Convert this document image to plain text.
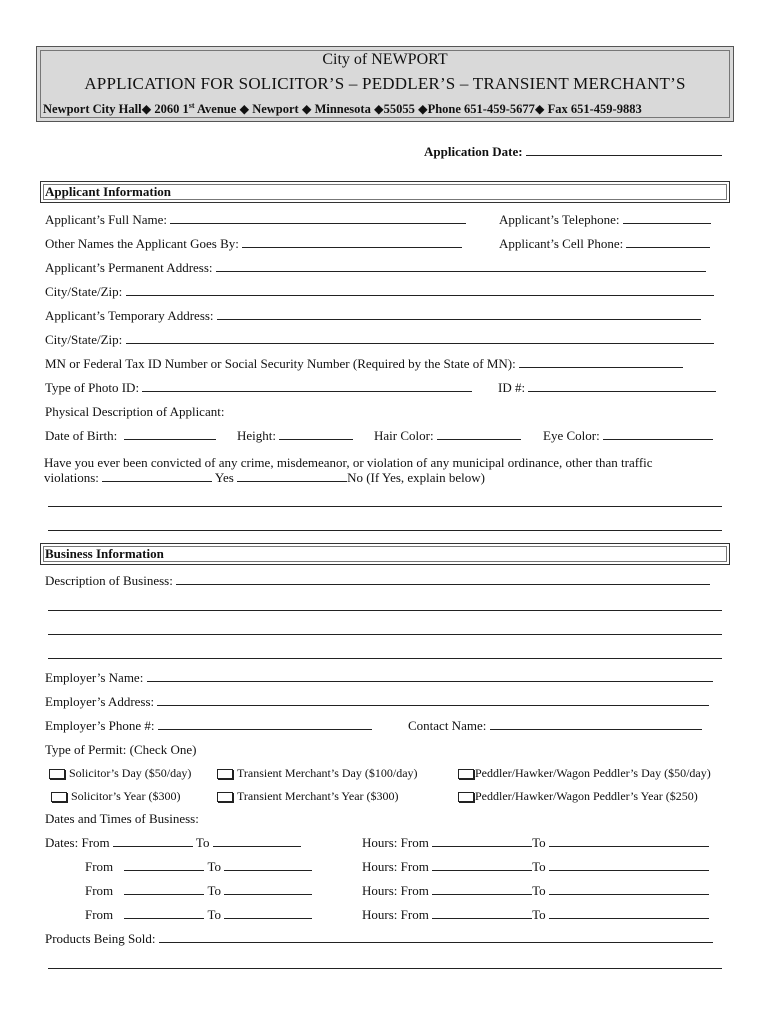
City of NEWPORT
APPLICATION FOR SOLICITOR’S – PEDDLER’S – TRANSIENT MERCHANT’S
Newport City Hall◆ 2060 1st Avenue ◆ Newport ◆ Minnesota ◆55055 ◆Phone 651-459-5677◆ Fax 651-459-9883
Application Date:
Applicant Information
Applicant’s Full Name:	Applicant’s Telephone:
Other Names the Applicant Goes By:	Applicant’s Cell Phone:
Applicant’s Permanent Address:
City/State/Zip:
Applicant’s Temporary Address:
City/State/Zip:
MN or Federal Tax ID Number or Social Security Number (Required by the State of MN):
Type of Photo ID:	ID #:
Physical Description of Applicant:
Date of Birth:	Height:	Hair Color:	Eye Color:
Have you ever been convicted of any crime, misdemeanor, or violation of any municipal ordinance, other than traffic
violations:	Yes	No (If Yes, explain below)
Business Information
Description of Business:
Employer’s Name:
Employer’s Address:
Employer’s Phone #:	Contact Name:
Type of Permit: (Check One)
Solicitor’s Day ($50/day)	Transient Merchant’s Day ($100/day)	Peddler/Hawker/Wagon Peddler’s Day ($50/day)
Solicitor’s Year ($300)	Transient Merchant’s Year ($300)	Peddler/Hawker/Wagon Peddler’s Year ($250)
Dates and Times of Business:
Dates: From	To	Hours: From	To
From	To	Hours: From	To
From	To	Hours: From	To
From	To	Hours: From	To
Products Being Sold:
